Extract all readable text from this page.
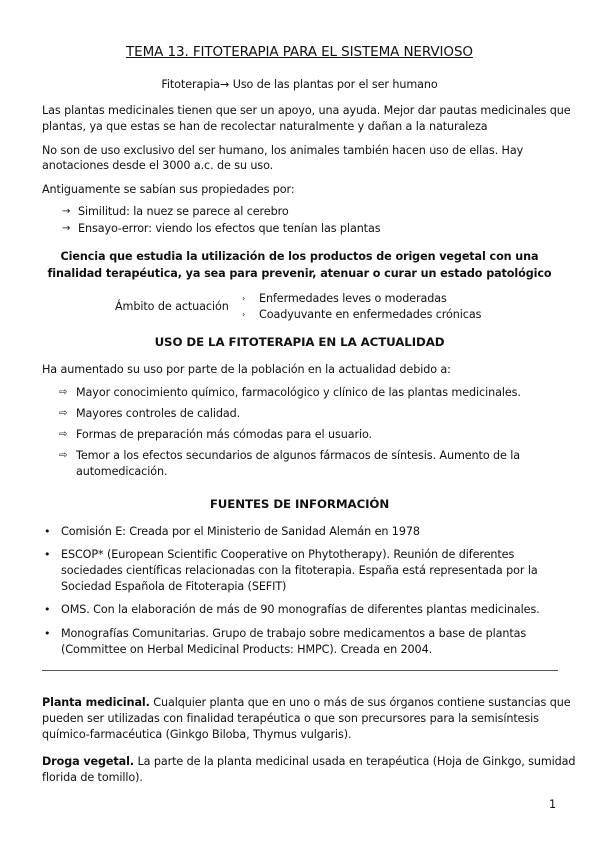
TEMA 13. FITOTERAPIA PARA EL SISTEMA NERVIOSO
Fitoterapia→ Uso de las plantas por el ser humano
Las plantas medicinales tienen que ser un apoyo, una ayuda. Mejor dar pautas medicinales que
plantas, ya que estas se han de recolectar naturalmente y dañan a la naturaleza
No son de uso exclusivo del ser humano, los animales también hacen uso de ellas. Hay
anotaciones desde el 3000 a.c. de su uso.
Antiguamente se sabían sus propiedades por:
→ Similitud: la nuez se parece al cerebro
→ Ensayo-error: viendo los efectos que tenían las plantas
Ciencia que estudia la utilización de los productos de origen vegetal con una
finalidad terapéutica, ya sea para prevenir, atenuar o curar un estado patológico
Ámbito de actuación
› Enfermedades leves o moderadas
› Coadyuvante en enfermedades crónicas
USO DE LA FITOTERAPIA EN LA ACTUALIDAD
Ha aumentado su uso por parte de la población en la actualidad debido a:
⇨ Mayor conocimiento químico, farmacológico y clínico de las plantas medicinales.
⇨ Mayores controles de calidad.
⇨ Formas de preparación más cómodas para el usuario.
⇨ Temor a los efectos secundarios de algunos fármacos de síntesis. Aumento de la
automedicación.
FUENTES DE INFORMACIÓN
• Comisión E: Creada por el Ministerio de Sanidad Alemán en 1978
• ESCOP* (European Scientific Cooperative on Phytotherapy). Reunión de diferentes
sociedades científicas relacionadas con la fitoterapia. España está representada por la
Sociedad Española de Fitoterapia (SEFIT)
• OMS. Con la elaboración de más de 90 monografías de diferentes plantas medicinales.
• Monografías Comunitarias. Grupo de trabajo sobre medicamentos a base de plantas
(Committee on Herbal Medicinal Products: HMPC). Creada en 2004.
Planta medicinal. Cualquier planta que en uno o más de sus órganos contiene sustancias que
pueden ser utilizadas con finalidad terapéutica o que son precursores para la semisíntesis
químico-farmacéutica (Ginkgo Biloba, Thymus vulgaris).
Droga vegetal. La parte de la planta medicinal usada en terapéutica (Hoja de Ginkgo, sumidad
florida de tomillo).
1
